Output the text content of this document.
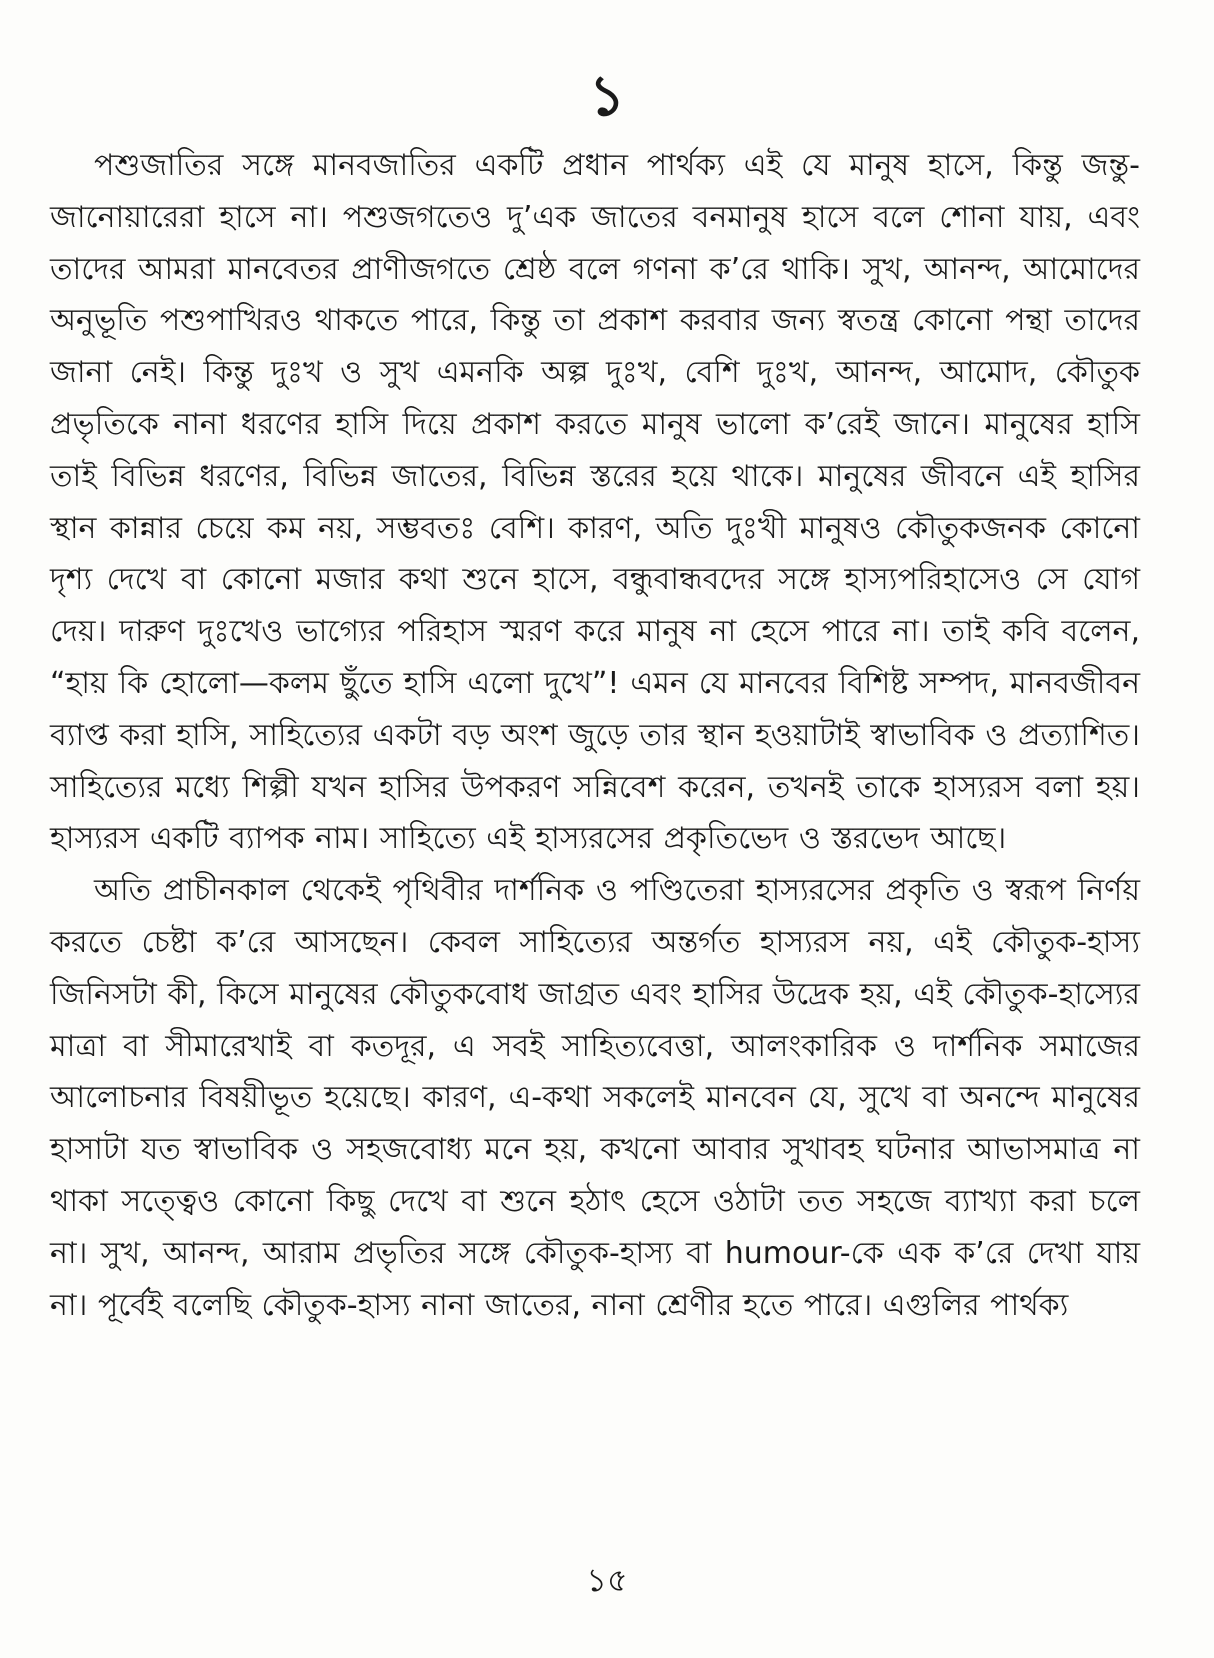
১

পশুজাতির সঙ্গে মানবজাতির একটি প্রধান পার্থক্য এই যে মানুষ হাসে, কিন্তু জন্তু-জানোয়ারেরা হাসে না। পশুজগতেও দু’এক জাতের বনমানুষ হাসে বলে শোনা যায়, এবং তাদের আমরা মানবেতর প্রাণীজগতে শ্রেষ্ঠ বলে গণনা ক’রে থাকি। সুখ, আনন্দ, আমোদের অনুভূতি পশুপাখিরও থাকতে পারে, কিন্তু তা প্রকাশ করবার জন্য স্বতন্ত্র কোনো পন্থা তাদের জানা নেই। কিন্তু দুঃখ ও সুখ এমনকি অল্প দুঃখ, বেশি দুঃখ, আনন্দ, আমোদ, কৌতুক প্রভৃতিকে নানা ধরণের হাসি দিয়ে প্রকাশ করতে মানুষ ভালো ক’রেই জানে। মানুষের হাসি তাই বিভিন্ন ধরণের, বিভিন্ন জাতের, বিভিন্ন স্তরের হয়ে থাকে। মানুষের জীবনে এই হাসির স্থান কান্নার চেয়ে কম নয়, সম্ভবতঃ বেশি। কারণ, অতি দুঃখী মানুষও কৌতুকজনক কোনো দৃশ্য দেখে বা কোনো মজার কথা শুনে হাসে, বন্ধুবান্ধবদের সঙ্গে হাস্যপরিহাসেও সে যোগ দেয়। দারুণ দুঃখেও ভাগ্যের পরিহাস স্মরণ করে মানুষ না হেসে পারে না। তাই কবি বলেন, “হায় কি হোলো—কলম ছুঁতে হাসি এলো দুখে”! এমন যে মানবের বিশিষ্ট সম্পদ, মানবজীবন ব্যাপ্ত করা হাসি, সাহিত্যের একটা বড় অংশ জুড়ে তার স্থান হওয়াটাই স্বাভাবিক ও প্রত্যাশিত। সাহিত্যের মধ্যে শিল্পী যখন হাসির উপকরণ সন্নিবেশ করেন, তখনই তাকে হাস্যরস বলা হয়। হাস্যরস একটি ব্যাপক নাম। সাহিত্যে এই হাস্যরসের প্রকৃতিভেদ ও স্তরভেদ আছে।

অতি প্রাচীনকাল থেকেই পৃথিবীর দার্শনিক ও পণ্ডিতেরা হাস্যরসের প্রকৃতি ও স্বরূপ নির্ণয় করতে চেষ্টা ক’রে আসছেন। কেবল সাহিত্যের অন্তর্গত হাস্যরস নয়, এই কৌতুক-হাস্য জিনিসটা কী, কিসে মানুষের কৌতুকবোধ জাগ্রত এবং হাসির উদ্রেক হয়, এই কৌতুক-হাস্যের মাত্রা বা সীমারেখাই বা কতদূর, এ সবই সাহিত্যবেত্তা, আলংকারিক ও দার্শনিক সমাজের আলোচনার বিষয়ীভূত হয়েছে। কারণ, এ-কথা সকলেই মানবেন যে, সুখে বা অনন্দে মানুষের হাসাটা যত স্বাভাবিক ও সহজবোধ্য মনে হয়, কখনো আবার সুখাবহ ঘটনার আভাসমাত্র না থাকা সত্ত্বেও কোনো কিছু দেখে বা শুনে হঠাৎ হেসে ওঠাটা তত সহজে ব্যাখ্যা করা চলে না। সুখ, আনন্দ, আরাম প্রভৃতির সঙ্গে কৌতুক-হাস্য বা humour-কে এক ক’রে দেখা যায় না। পূর্বেই বলেছি কৌতুক-হাস্য নানা জাতের, নানা শ্রেণীর হতে পারে। এগুলির পার্থক্য

১৫
